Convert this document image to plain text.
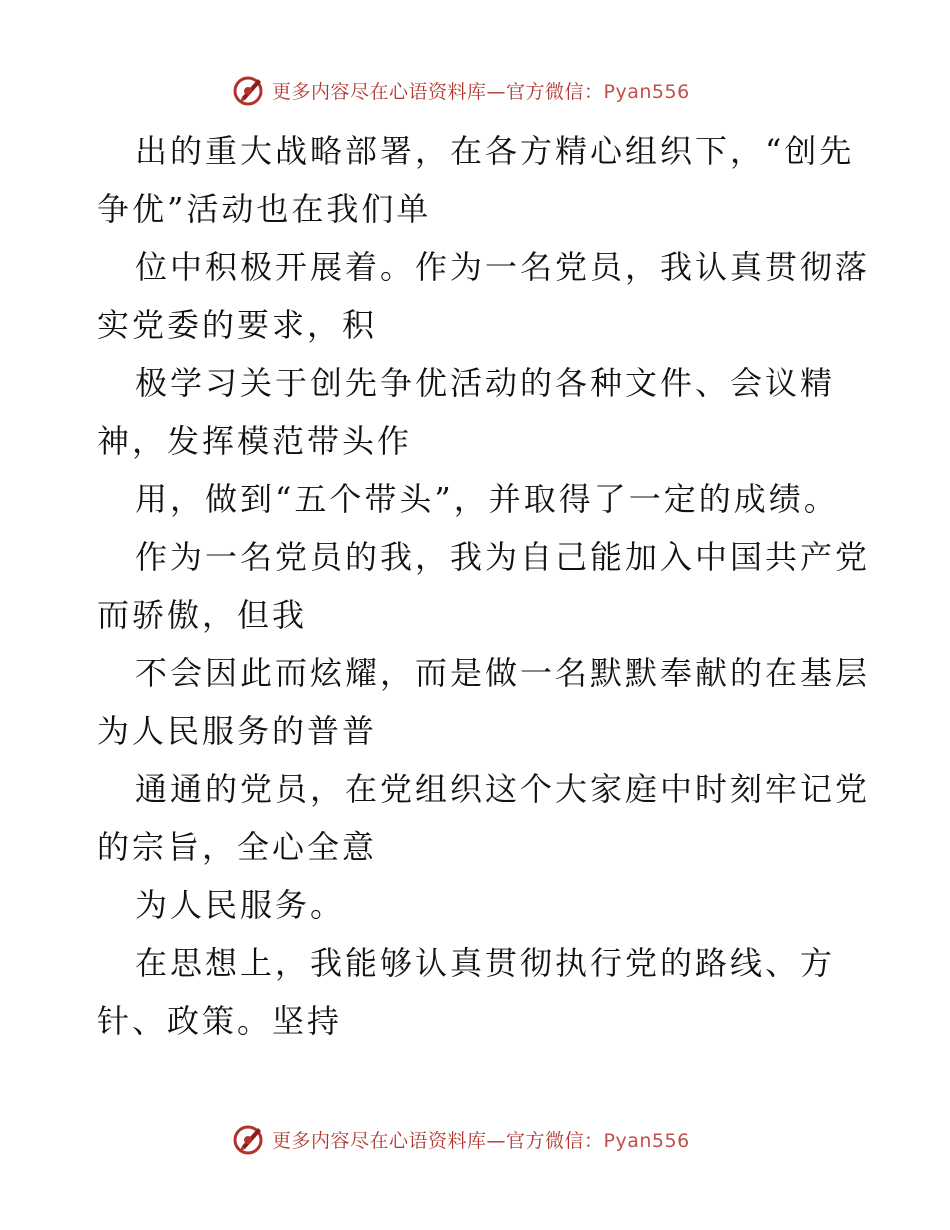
更多内容尽在心语资料库—官方微信：Pyan556
出的重大战略部署，在各方精心组织下，“创先
争优”活动也在我们单
位中积极开展着。作为一名党员，我认真贯彻落
实党委的要求，积
极学习关于创先争优活动的各种文件、会议精
神，发挥模范带头作
用，做到“五个带头”，并取得了一定的成绩。
作为一名党员的我，我为自己能加入中国共产党
而骄傲，但我
不会因此而炫耀，而是做一名默默奉献的在基层
为人民服务的普普
通通的党员，在党组织这个大家庭中时刻牢记党
的宗旨，全心全意
为人民服务。
在思想上，我能够认真贯彻执行党的路线、方
针、政策。坚持
更多内容尽在心语资料库—官方微信：Pyan556
